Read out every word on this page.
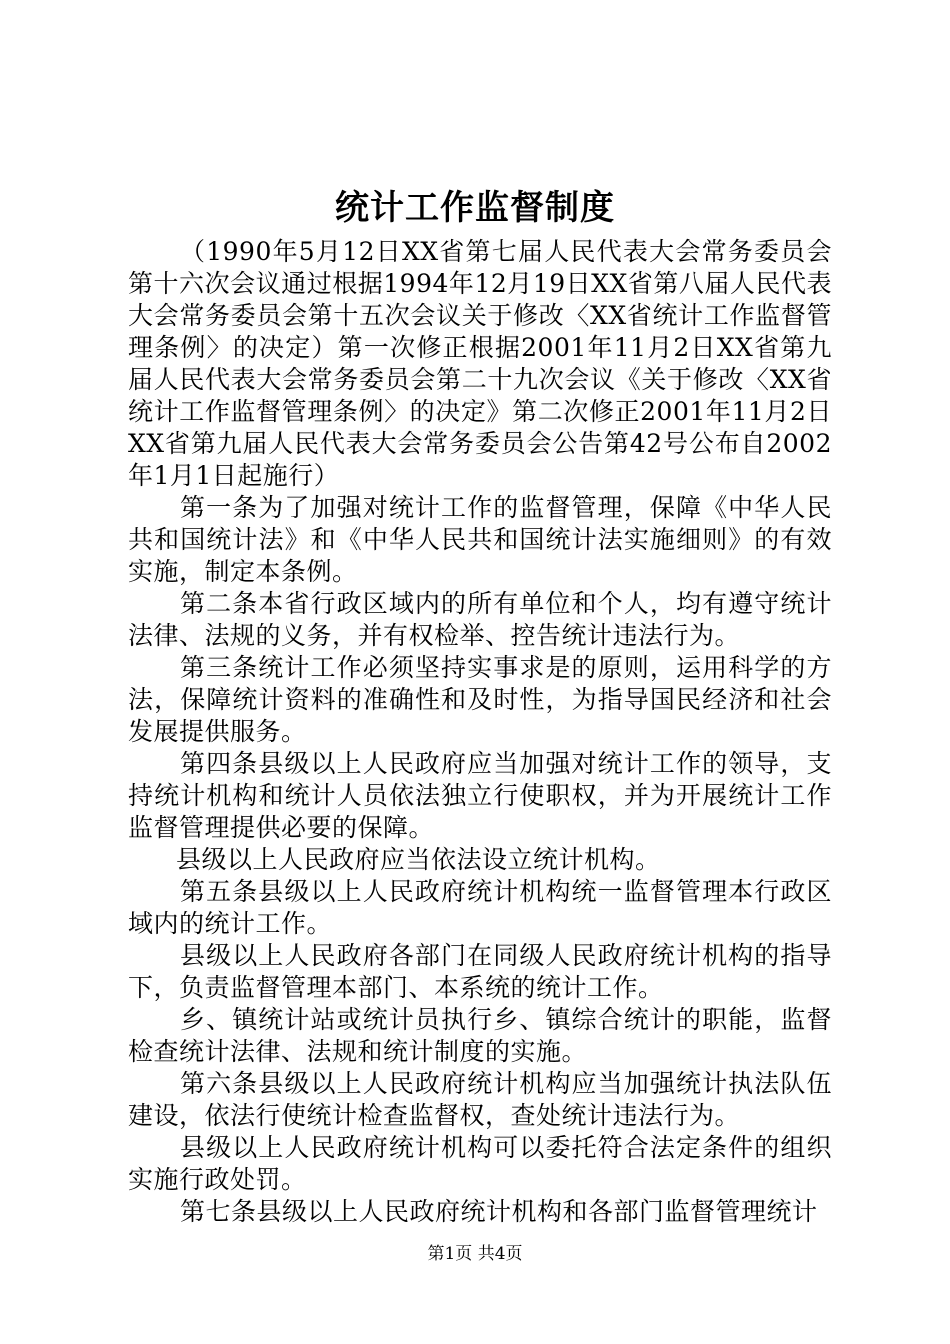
统计工作监督制度

（1990年5月12日XX省第七届人民代表大会常务委员会第十六次会议通过根据1994年12月19日XX省第八届人民代表大会常务委员会第十五次会议关于修改〈XX省统计工作监督管理条例〉的决定）第一次修正根据2001年11月2日XX省第九届人民代表大会常务委员会第二十九次会议《关于修改〈XX省统计工作监督管理条例〉的决定》第二次修正2001年11月2日XX省第九届人民代表大会常务委员会公告第42号公布自2002年1月1日起施行）

第一条为了加强对统计工作的监督管理，保障《中华人民共和国统计法》和《中华人民共和国统计法实施细则》的有效实施，制定本条例。

第二条本省行政区域内的所有单位和个人，均有遵守统计法律、法规的义务，并有权检举、控告统计违法行为。

第三条统计工作必须坚持实事求是的原则，运用科学的方法，保障统计资料的准确性和及时性，为指导国民经济和社会发展提供服务。

第四条县级以上人民政府应当加强对统计工作的领导，支持统计机构和统计人员依法独立行使职权，并为开展统计工作监督管理提供必要的保障。

县级以上人民政府应当依法设立统计机构。

第五条县级以上人民政府统计机构统一监督管理本行政区域内的统计工作。

县级以上人民政府各部门在同级人民政府统计机构的指导下，负责监督管理本部门、本系统的统计工作。

乡、镇统计站或统计员执行乡、镇综合统计的职能，监督检查统计法律、法规和统计制度的实施。

第六条县级以上人民政府统计机构应当加强统计执法队伍建设，依法行使统计检查监督权，查处统计违法行为。

县级以上人民政府统计机构可以委托符合法定条件的组织实施行政处罚。

第七条县级以上人民政府统计机构和各部门监督管理统计

第1页 共4页
